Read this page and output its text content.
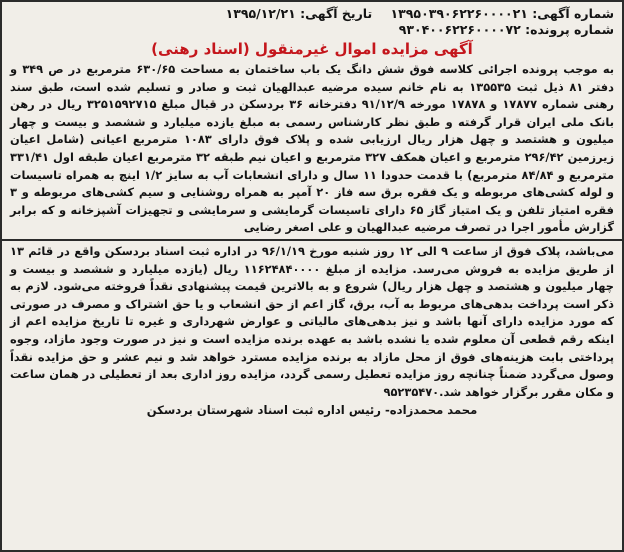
شماره آگهی: ۱۳۹۵۰۳۹۰۶۲۲۶۰۰۰۰۲۱ تاریخ آگهی: ۱۳۹۵/۱۲/۲۱
شماره پرونده: ۹۳۰۴۰۰۶۲۲۶۰۰۰۰۷۲
آگهی مزایده اموال غیرمنقول (اسناد رهنی)

به موجب پرونده اجرائی کلاسه فوق شش دانگ یک باب ساختمان به مساحت ۶۳۰/۶۵ مترمربع در ص ۳۴۹ و دفتر ۸۱ ذیل ثبت ۱۳۵۵۳۵ به نام خانم سیده مرضیه عبدالهیان ثبت و صادر و تسلیم شده است، طبق سند رهنی شماره ۱۷۸۷۷ و ۱۷۸۷۸ مورخه ۹۱/۱۲/۹ دفترخانه ۳۶ بردسکن در قبال مبلغ ۳۲۵۱۵۹۲۷۱۵ ریال در رهن بانک ملی ایران قرار گرفته و طبق نظر کارشناس رسمی به مبلغ یازده میلیارد و ششصد و بیست و چهار میلیون و هشتصد و چهل هزار ریال ارزیابی شده و پلاک فوق دارای ۱۰۸۳ مترمربع اعیانی (شامل اعیان زیرزمین ۲۹۶/۴۲ مترمربع و اعیان همکف ۳۲۷ مترمربع و اعیان نیم طبقه ۳۲ مترمربع اعیان طبقه اول ۳۳۱/۴۱ مترمربع و ۸۴/۸۴ مترمربع) با قدمت حدودا ۱۱ سال و دارای انشعابات آب به سایز ۱/۲ اینچ به همراه تاسیسات و لوله کشی‌های مربوطه و یک فقره برق سه فاز ۲۰ آمپر به همراه روشنایی و سیم کشی‌های مربوطه و ۳ فقره امتیاز تلفن و یک امتیاز گاز ۶۵ دارای تاسیسات گرمایشی و سرمایشی و تجهیزات آشپزخانه و که برابر گزارش مأمور اجرا در تصرف مرضیه عبدالهیان و علی اصغر رضایی

می‌باشد، پلاک فوق از ساعت ۹ الی ۱۲ روز شنبه مورخ ۹۶/۱/۱۹ در اداره ثبت اسناد بردسکن واقع در قائم ۱۳ از طریق مزایده به فروش می‌رسد. مزایده از مبلغ ۱۱۶۲۴۸۴۰۰۰۰ ریال (یازده میلیارد و ششصد و بیست و چهار میلیون و هشتصد و چهل هزار ریال) شروع و به بالاترین قیمت پیشنهادی نقداً فروخته می‌شود. لازم به ذکر است پرداخت بدهی‌های مربوط به آب، برق، گاز اعم از حق انشعاب و یا حق اشتراک و مصرف در صورتی که مورد مزایده دارای آنها باشد و نیز بدهی‌های مالیاتی و عوارض شهرداری و غیره تا تاریخ مزایده اعم از اینکه رقم قطعی آن معلوم شده یا نشده باشد به عهده برنده مزایده است و نیز در صورت وجود مازاد، وجوه پرداختی بابت هزینه‌های فوق از محل مازاد به برنده مزایده مسترد خواهد شد و نیم عشر و حق مزایده نقداً وصول می‌گردد ضمناً چنانچه روز مزایده تعطیل رسمی گردد، مزایده روز اداری بعد از تعطیلی در همان ساعت و مکان مقرر برگزار خواهد شد.۹۵۲۳۵۴۷۰

محمد محمدزاده- رئیس اداره ثبت اسناد شهرستان بردسکن
